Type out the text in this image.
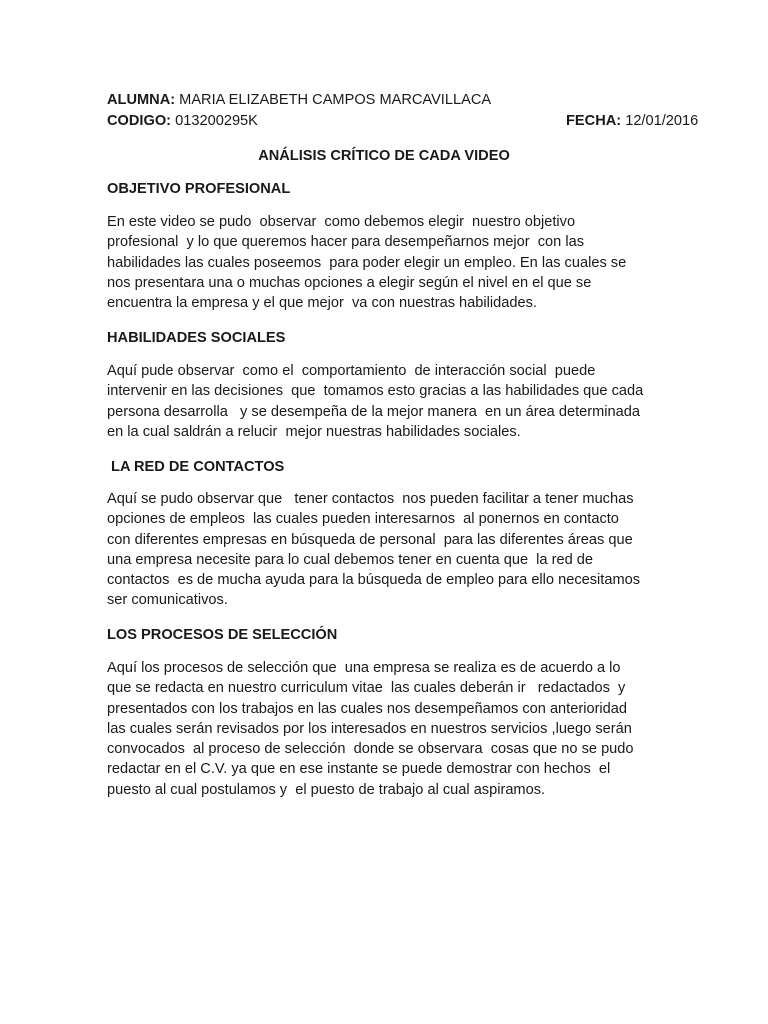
ALUMNA: MARIA ELIZABETH CAMPOS MARCAVILLACA
CODIGO: 013200295K	FECHA: 12/01/2016
ANÁLISIS CRÍTICO DE CADA VIDEO
OBJETIVO PROFESIONAL
En este video se pudo  observar  como debemos elegir  nuestro objetivo
profesional  y lo que queremos hacer para desempeñarnos mejor  con las
habilidades las cuales poseemos  para poder elegir un empleo. En las cuales se
nos presentara una o muchas opciones a elegir según el nivel en el que se
encuentra la empresa y el que mejor  va con nuestras habilidades.
HABILIDADES SOCIALES
Aquí pude observar  como el  comportamiento  de interacción social  puede
intervenir en las decisiones  que  tomamos esto gracias a las habilidades que cada
persona desarrolla   y se desempeña de la mejor manera  en un área determinada
en la cual saldrán a relucir  mejor nuestras habilidades sociales.
LA RED DE CONTACTOS
Aquí se pudo observar que   tener contactos  nos pueden facilitar a tener muchas
opciones de empleos  las cuales pueden interesarnos  al ponernos en contacto
con diferentes empresas en búsqueda de personal  para las diferentes áreas que
una empresa necesite para lo cual debemos tener en cuenta que  la red de
contactos  es de mucha ayuda para la búsqueda de empleo para ello necesitamos
ser comunicativos.
LOS PROCESOS DE SELECCIÓN
Aquí los procesos de selección que  una empresa se realiza es de acuerdo a lo
que se redacta en nuestro curriculum vitae  las cuales deberán ir   redactados  y
presentados con los trabajos en las cuales nos desempeñamos con anterioridad
las cuales serán revisados por los interesados en nuestros servicios ,luego serán
convocados  al proceso de selección  donde se observara  cosas que no se pudo
redactar en el C.V. ya que en ese instante se puede demostrar con hechos  el
puesto al cual postulamos y  el puesto de trabajo al cual aspiramos.
